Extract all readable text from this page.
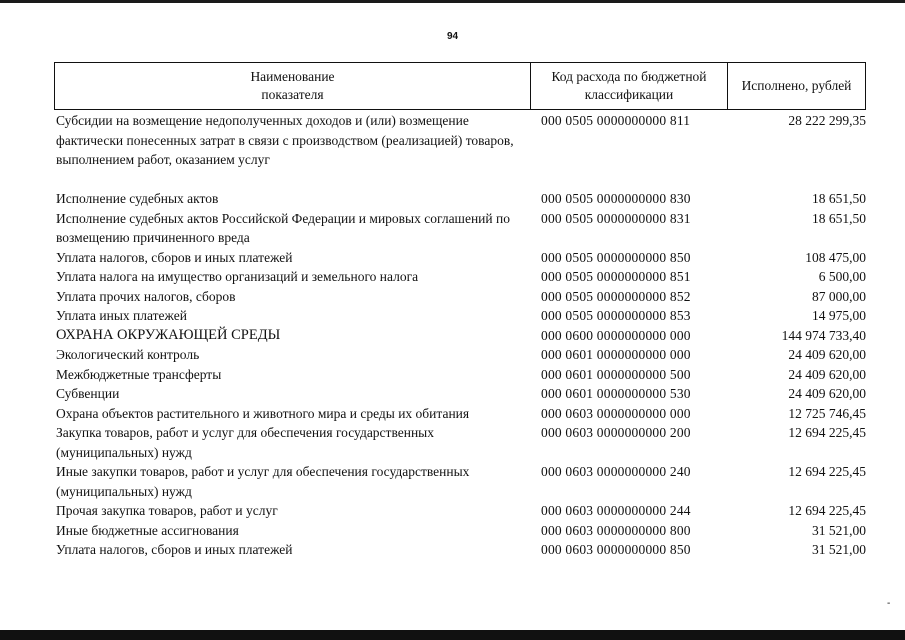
94
Наименование показателя
Код расхода по бюджетной классификации
Исполнено, рублей
Субсидии на возмещение недополученных доходов и (или) возмещение фактически понесенных затрат в связи с производством (реализацией) товаров, выполнением работ, оказанием услуг
000 0505 0000000000 811	28 222 299,35
Исполнение судебных актов	000 0505 0000000000 830	18 651,50
Исполнение судебных актов Российской Федерации и мировых соглашений по возмещению причиненного вреда
000 0505 0000000000 831	18 651,50
Уплата налогов, сборов и иных платежей	000 0505 0000000000 850	108 475,00
Уплата налога на имущество организаций и земельного налога	000 0505 0000000000 851	6 500,00
Уплата прочих налогов, сборов	000 0505 0000000000 852	87 000,00
Уплата иных платежей	000 0505 0000000000 853	14 975,00
ОХРАНА ОКРУЖАЮЩЕЙ СРЕДЫ	000 0600 0000000000 000	144 974 733,40
Экологический контроль	000 0601 0000000000 000	24 409 620,00
Межбюджетные трансферты	000 0601 0000000000 500	24 409 620,00
Субвенции	000 0601 0000000000 530	24 409 620,00
Охрана объектов растительного и животного мира и среды их обитания	000 0603 0000000000 000	12 725 746,45
Закупка товаров, работ и услуг для обеспечения государственных (муниципальных) нужд
000 0603 0000000000 200	12 694 225,45
Иные закупки товаров, работ и услуг для обеспечения государственных (муниципальных) нужд
000 0603 0000000000 240	12 694 225,45
Прочая закупка товаров, работ и услуг	000 0603 0000000000 244	12 694 225,45
Иные бюджетные ассигнования	000 0603 0000000000 800	31 521,00
Уплата налогов, сборов и иных платежей	000 0603 0000000000 850	31 521,00
-
